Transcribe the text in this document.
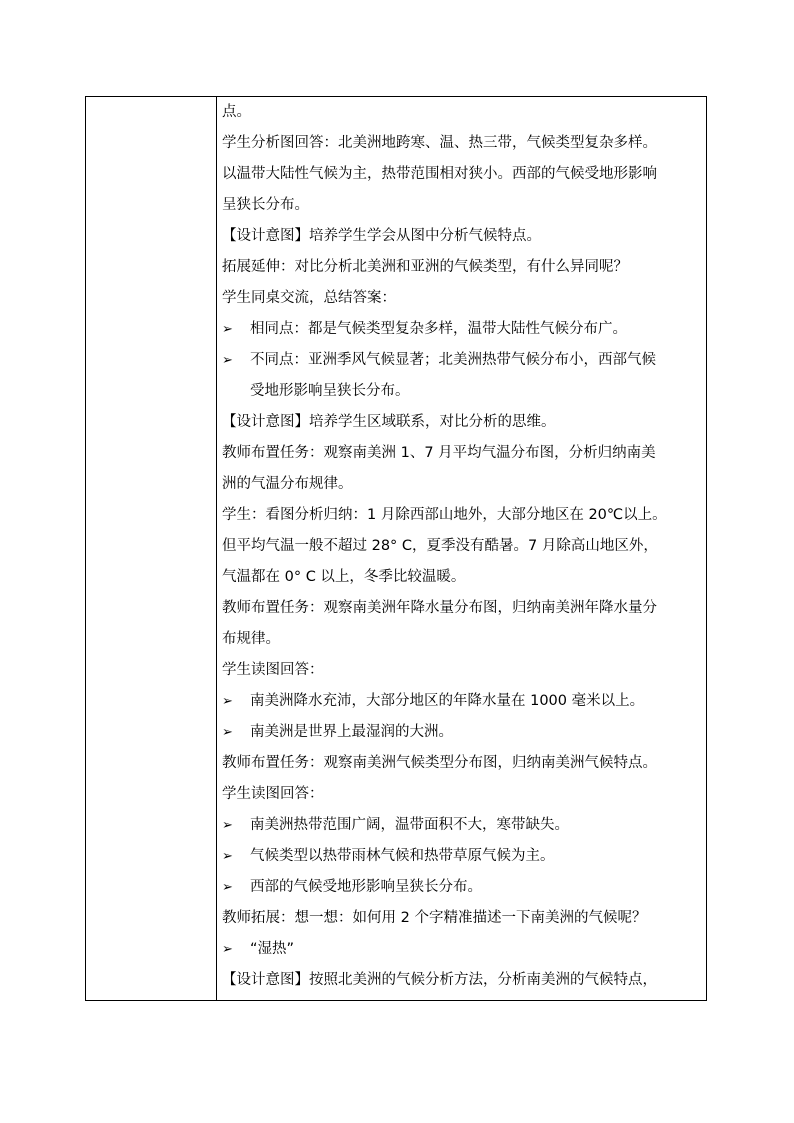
点。
学生分析图回答：北美洲地跨寒、温、热三带，气候类型复杂多样。
以温带大陆性气候为主，热带范围相对狭小。西部的气候受地形影响
呈狭长分布。
【设计意图】培养学生学会从图中分析气候特点。
拓展延伸：对比分析北美洲和亚洲的气候类型，有什么异同呢？
学生同桌交流，总结答案：
➢ 相同点：都是气候类型复杂多样，温带大陆性气候分布广。
➢ 不同点：亚洲季风气候显著；北美洲热带气候分布小，西部气候
受地形影响呈狭长分布。
【设计意图】培养学生区域联系，对比分析的思维。
教师布置任务：观察南美洲 1、7 月平均气温分布图，分析归纳南美
洲的气温分布规律。
学生：看图分析归纳：1 月除西部山地外，大部分地区在 20℃以上。
但平均气温一般不超过 28° C，夏季没有酷暑。7 月除高山地区外，
气温都在 0° C 以上，冬季比较温暖。
教师布置任务：观察南美洲年降水量分布图，归纳南美洲年降水量分
布规律。
学生读图回答：
➢ 南美洲降水充沛，大部分地区的年降水量在 1000 毫米以上。
➢ 南美洲是世界上最湿润的大洲。
教师布置任务：观察南美洲气候类型分布图，归纳南美洲气候特点。
学生读图回答：
➢ 南美洲热带范围广阔，温带面积不大，寒带缺失。
➢ 气候类型以热带雨林气候和热带草原气候为主。
➢ 西部的气候受地形影响呈狭长分布。
教师拓展：想一想：如何用 2 个字精准描述一下南美洲的气候呢？
➢ “湿热”
【设计意图】按照北美洲的气候分析方法，分析南美洲的气候特点，
